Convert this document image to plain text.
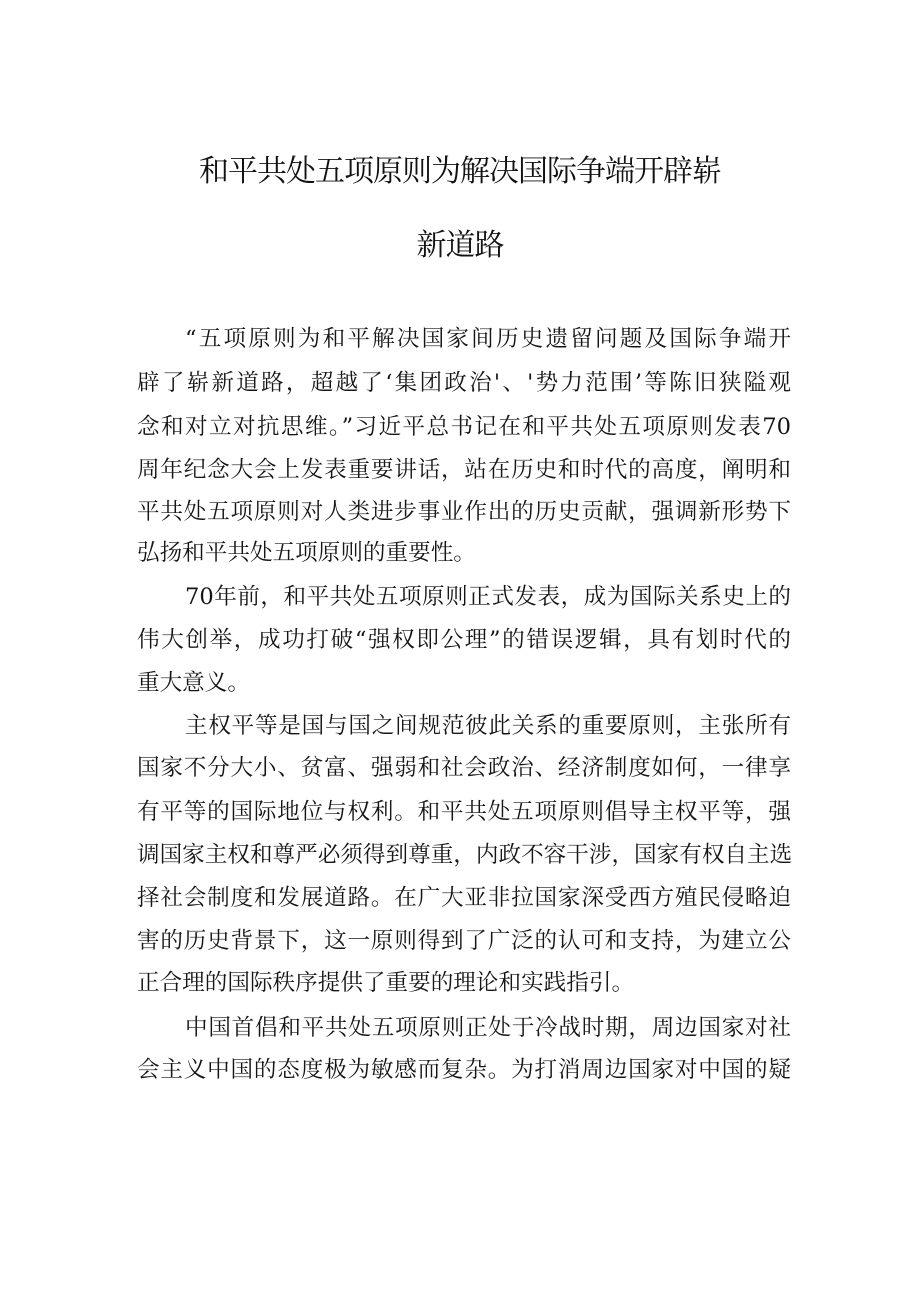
和平共处五项原则为解决国际争端开辟崭
新道路
“五项原则为和平解决国家间历史遗留问题及国际争端开
辟了崭新道路，超越了‘集团政治'、'势力范围’等陈旧狭隘观
念和对立对抗思维。”习近平总书记在和平共处五项原则发表70
周年纪念大会上发表重要讲话，站在历史和时代的高度，阐明和
平共处五项原则对人类进步事业作出的历史贡献，强调新形势下
弘扬和平共处五项原则的重要性。
70年前，和平共处五项原则正式发表，成为国际关系史上的
伟大创举，成功打破“强权即公理”的错误逻辑，具有划时代的
重大意义。
主权平等是国与国之间规范彼此关系的重要原则，主张所有
国家不分大小、贫富、强弱和社会政治、经济制度如何，一律享
有平等的国际地位与权利。和平共处五项原则倡导主权平等，强
调国家主权和尊严必须得到尊重，内政不容干涉，国家有权自主选
择社会制度和发展道路。在广大亚非拉国家深受西方殖民侵略迫
害的历史背景下，这一原则得到了广泛的认可和支持，为建立公
正合理的国际秩序提供了重要的理论和实践指引。
中国首倡和平共处五项原则正处于冷战时期，周边国家对社
会主义中国的态度极为敏感而复杂。为打消周边国家对中国的疑
